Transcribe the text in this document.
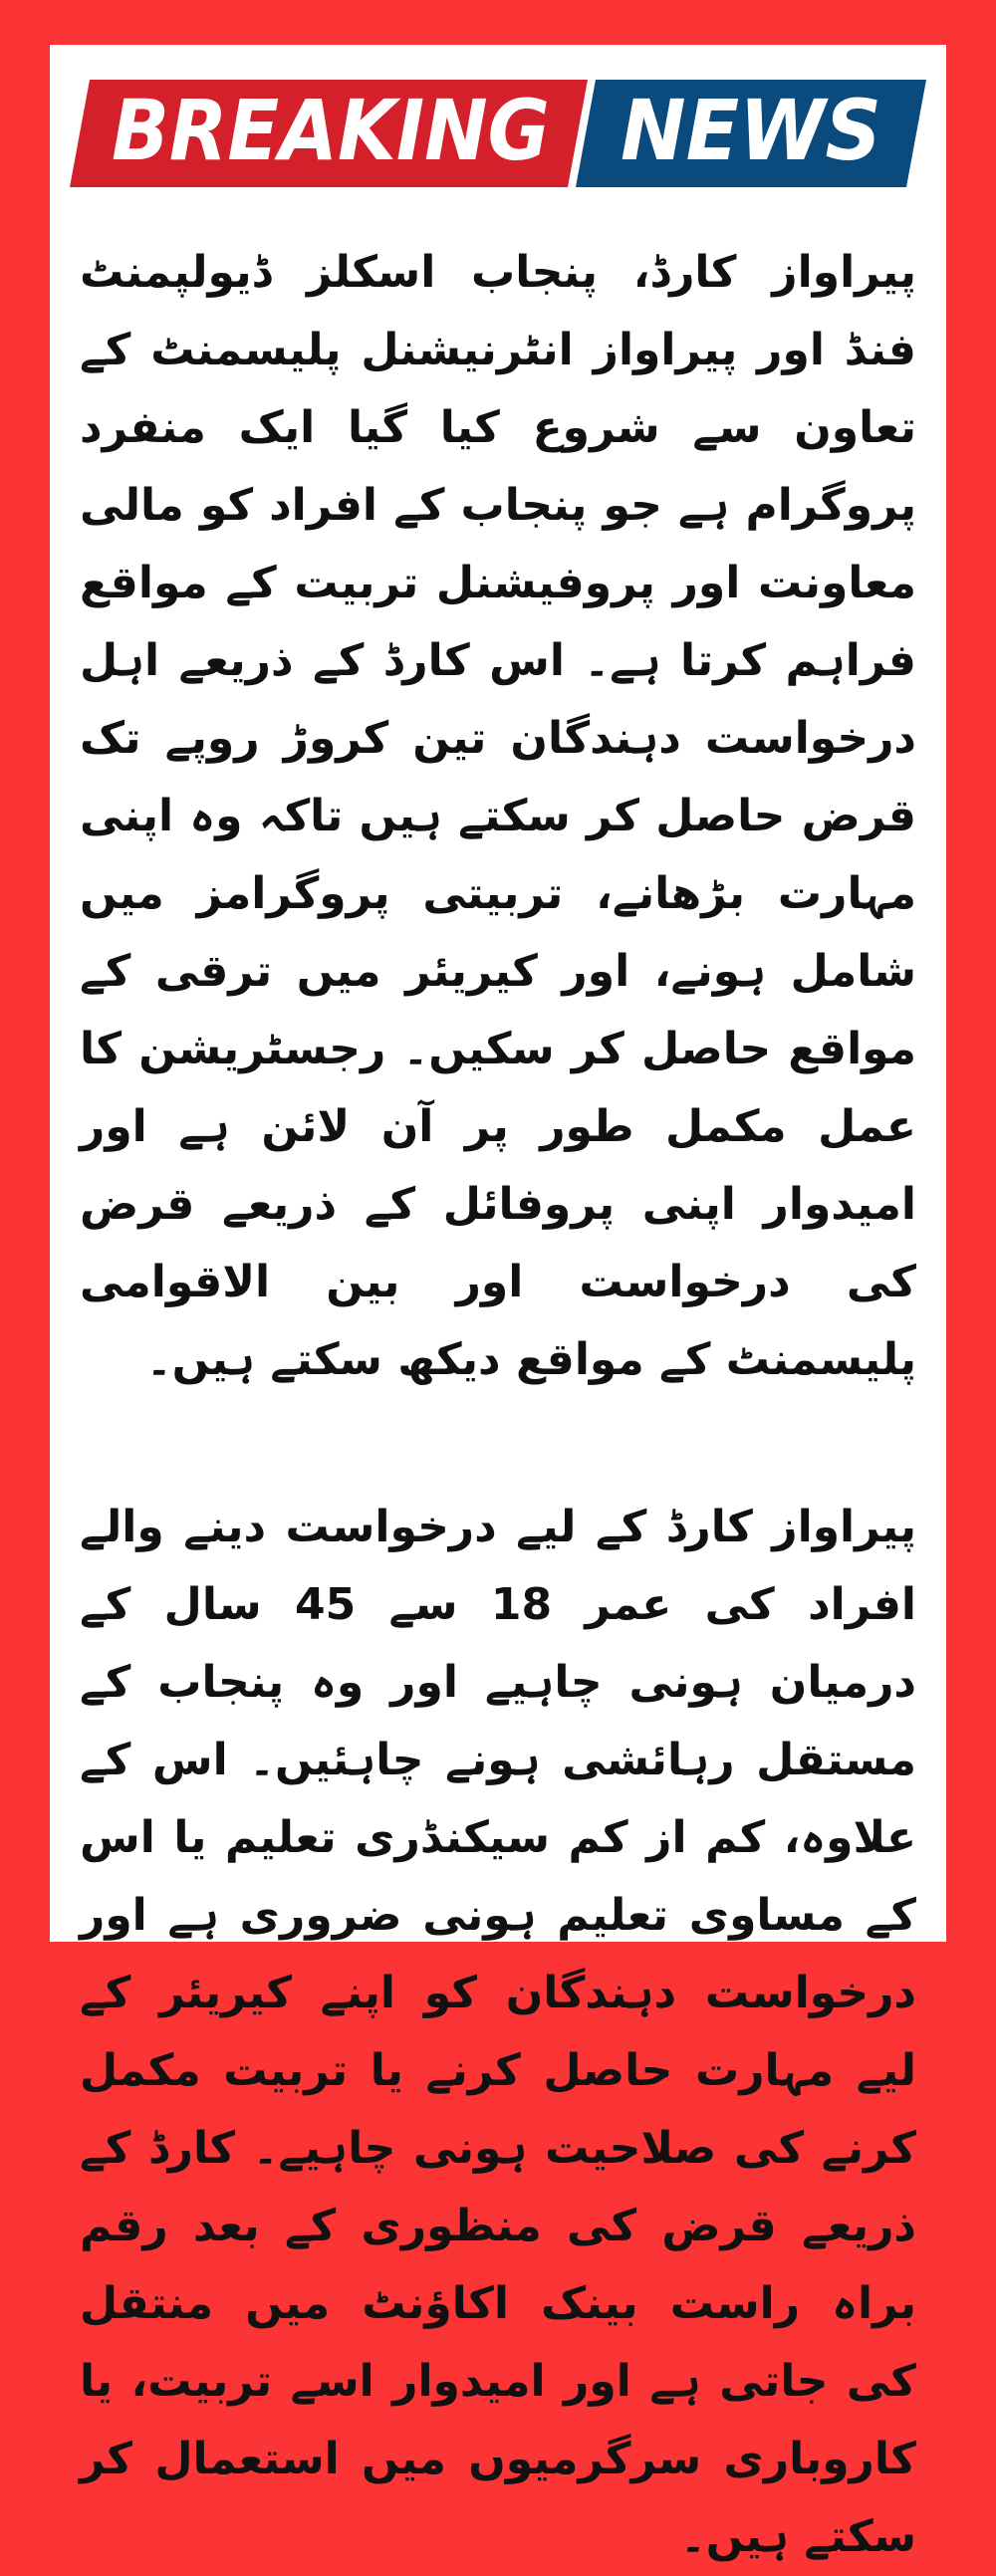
BREAKING NEWS

پیراواز کارڈ، پنجاب اسکلز ڈیولپمنٹ فنڈ اور پیراواز انٹرنیشنل پلیسمنٹ کے تعاون سے شروع کیا گیا ایک منفرد پروگرام ہے جو پنجاب کے افراد کو مالی معاونت اور پروفیشنل تربیت کے مواقع فراہم کرتا ہے۔ اس کارڈ کے ذریعے اہل درخواست دہندگان تین کروڑ روپے تک قرض حاصل کر سکتے ہیں تاکہ وہ اپنی مہارت بڑھانے، تربیتی پروگرامز میں شامل ہونے، اور کیریئر میں ترقی کے مواقع حاصل کر سکیں۔ رجسٹریشن کا عمل مکمل طور پر آن لائن ہے اور امیدوار اپنی پروفائل کے ذریعے قرض کی درخواست اور بین الاقوامی پلیسمنٹ کے مواقع دیکھ سکتے ہیں۔

پیراواز کارڈ کے لیے درخواست دینے والے افراد کی عمر 18 سے 45 سال کے درمیان ہونی چاہیے اور وہ پنجاب کے مستقل رہائشی ہونے چاہئیں۔ اس کے علاوہ، کم از کم سیکنڈری تعلیم یا اس کے مساوی تعلیم ہونی ضروری ہے اور درخواست دہندگان کو اپنے کیریئر کے لیے مہارت حاصل کرنے یا تربیت مکمل کرنے کی صلاحیت ہونی چاہیے۔ کارڈ کے ذریعے قرض کی منظوری کے بعد رقم براہ راست بینک اکاؤنٹ میں منتقل کی جاتی ہے اور امیدوار اسے تربیت، یا کاروباری سرگرمیوں میں استعمال کر سکتے ہیں۔
